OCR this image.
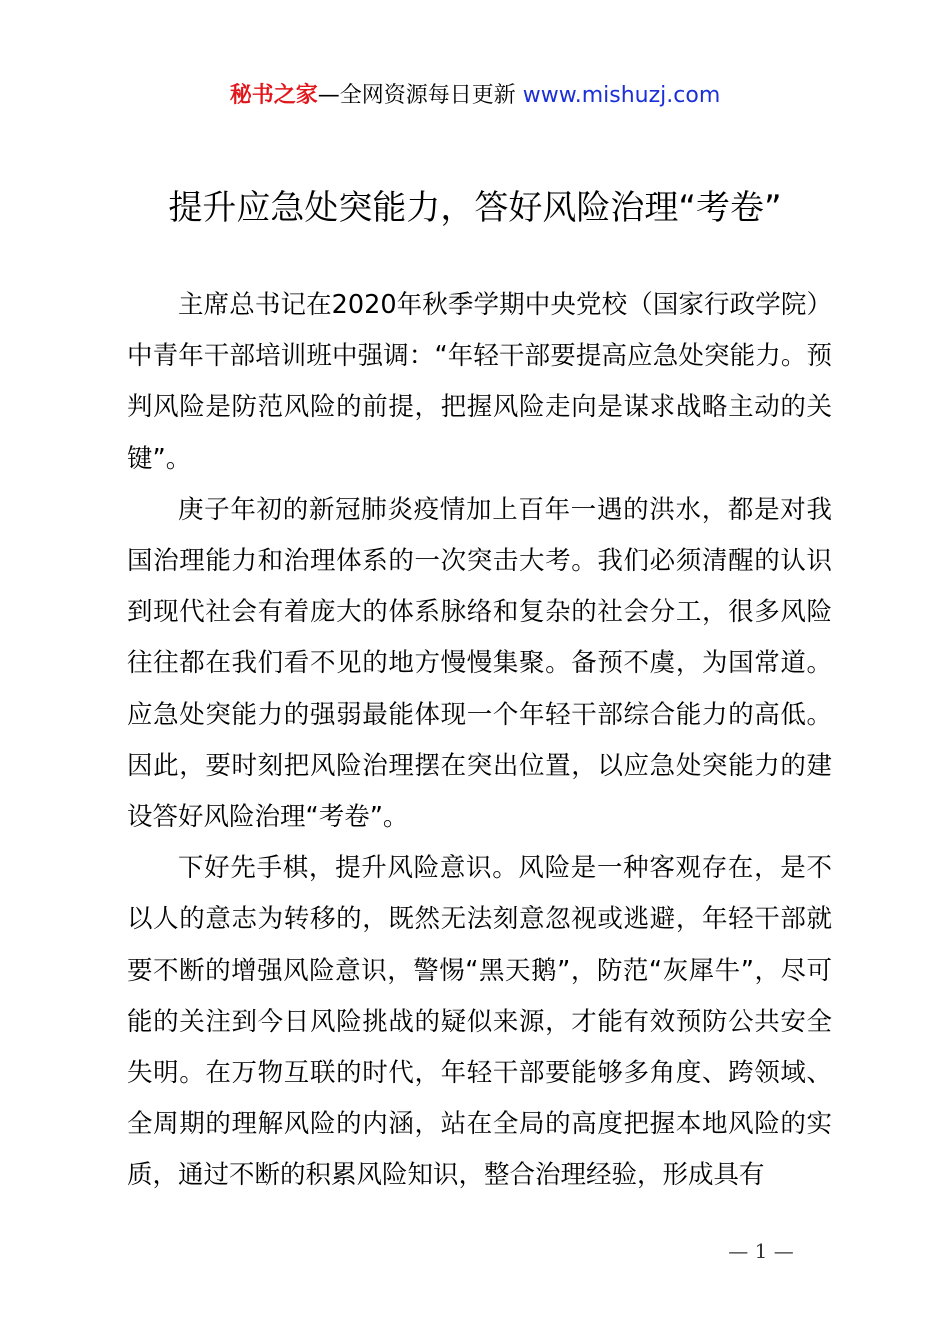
秘书之家—全网资源每日更新 www.mishuzj.com
提升应急处突能力，答好风险治理“考卷”

主席总书记在2020年秋季学期中央党校（国家行政学院）中青年干部培训班中强调：“年轻干部要提高应急处突能力。预判风险是防范风险的前提，把握风险走向是谋求战略主动的关键”。

庚子年初的新冠肺炎疫情加上百年一遇的洪水，都是对我国治理能力和治理体系的一次突击大考。我们必须清醒的认识到现代社会有着庞大的体系脉络和复杂的社会分工，很多风险往往都在我们看不见的地方慢慢集聚。备预不虞，为国常道。应急处突能力的强弱最能体现一个年轻干部综合能力的高低。因此，要时刻把风险治理摆在突出位置，以应急处突能力的建设答好风险治理“考卷”。

下好先手棋，提升风险意识。风险是一种客观存在，是不以人的意志为转移的，既然无法刻意忽视或逃避，年轻干部就要不断的增强风险意识，警惕“黑天鹅”，防范“灰犀牛”，尽可能的关注到今日风险挑战的疑似来源，才能有效预防公共安全失明。在万物互联的时代，年轻干部要能够多角度、跨领域、全周期的理解风险的内涵，站在全局的高度把握本地风险的实质，通过不断的积累风险知识，整合治理经验，形成具有

— 1 —
